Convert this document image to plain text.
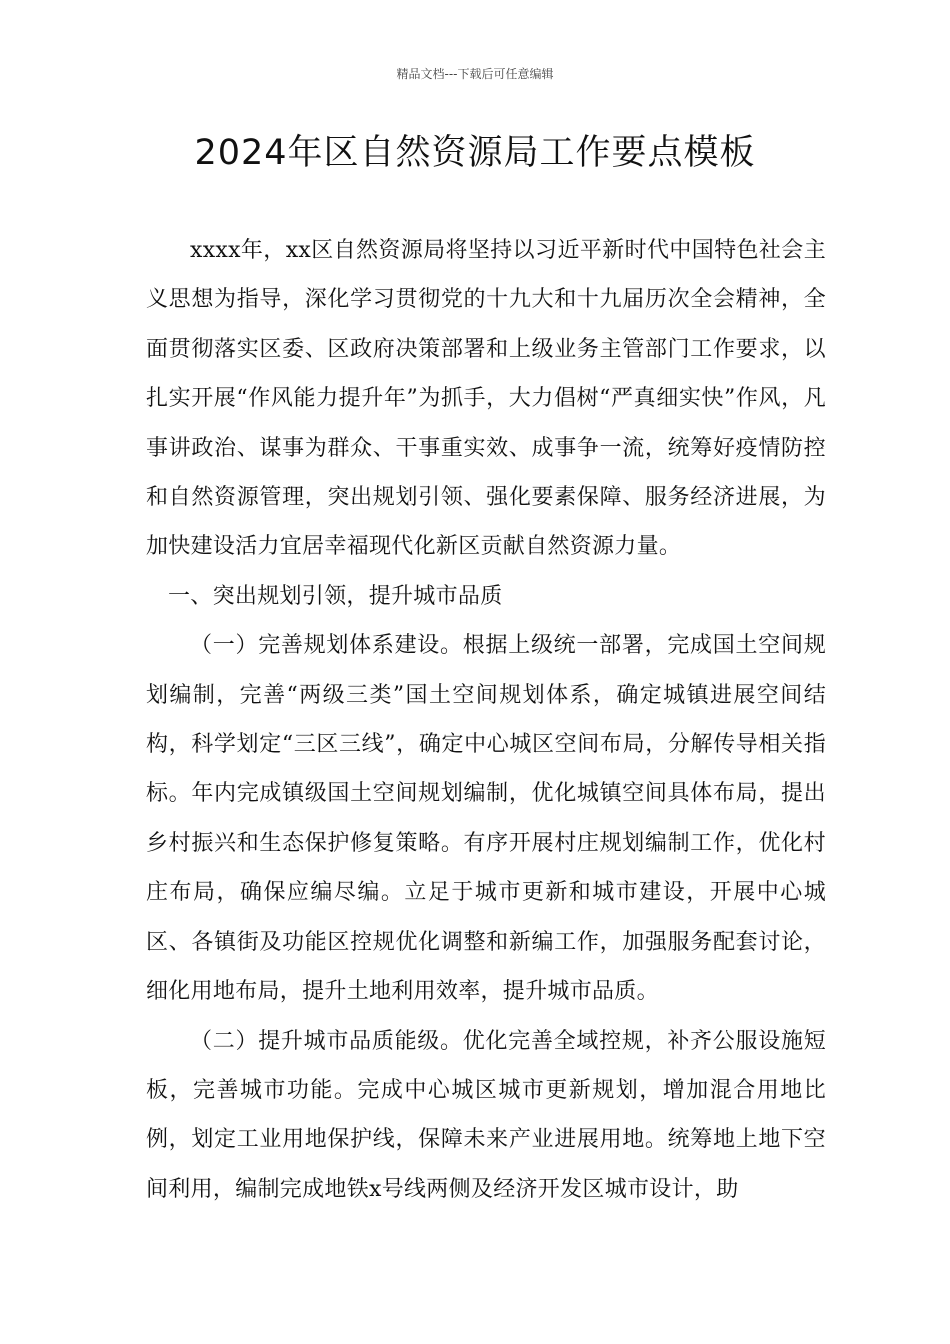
精品文档---下载后可任意编辑
2024年区自然资源局工作要点模板

xxxx年，xx区自然资源局将坚持以习近平新时代中国特色社会主义思想为指导，深化学习贯彻党的十九大和十九届历次全会精神，全面贯彻落实区委、区政府决策部署和上级业务主管部门工作要求，以扎实开展“作风能力提升年”为抓手，大力倡树“严真细实快”作风，凡事讲政治、谋事为群众、干事重实效、成事争一流，统筹好疫情防控和自然资源管理，突出规划引领、强化要素保障、服务经济进展，为加快建设活力宜居幸福现代化新区贡献自然资源力量。

一、突出规划引领，提升城市品质

（一）完善规划体系建设。根据上级统一部署，完成国土空间规划编制，完善“两级三类”国土空间规划体系，确定城镇进展空间结构，科学划定“三区三线”，确定中心城区空间布局，分解传导相关指标。年内完成镇级国土空间规划编制，优化城镇空间具体布局，提出乡村振兴和生态保护修复策略。有序开展村庄规划编制工作，优化村庄布局，确保应编尽编。立足于城市更新和城市建设，开展中心城区、各镇街及功能区控规优化调整和新编工作，加强服务配套讨论，细化用地布局，提升土地利用效率，提升城市品质。

（二）提升城市品质能级。优化完善全域控规，补齐公服设施短板，完善城市功能。完成中心城区城市更新规划，增加混合用地比例，划定工业用地保护线，保障未来产业进展用地。统筹地上地下空间利用，编制完成地铁x号线两侧及经济开发区城市设计，助
